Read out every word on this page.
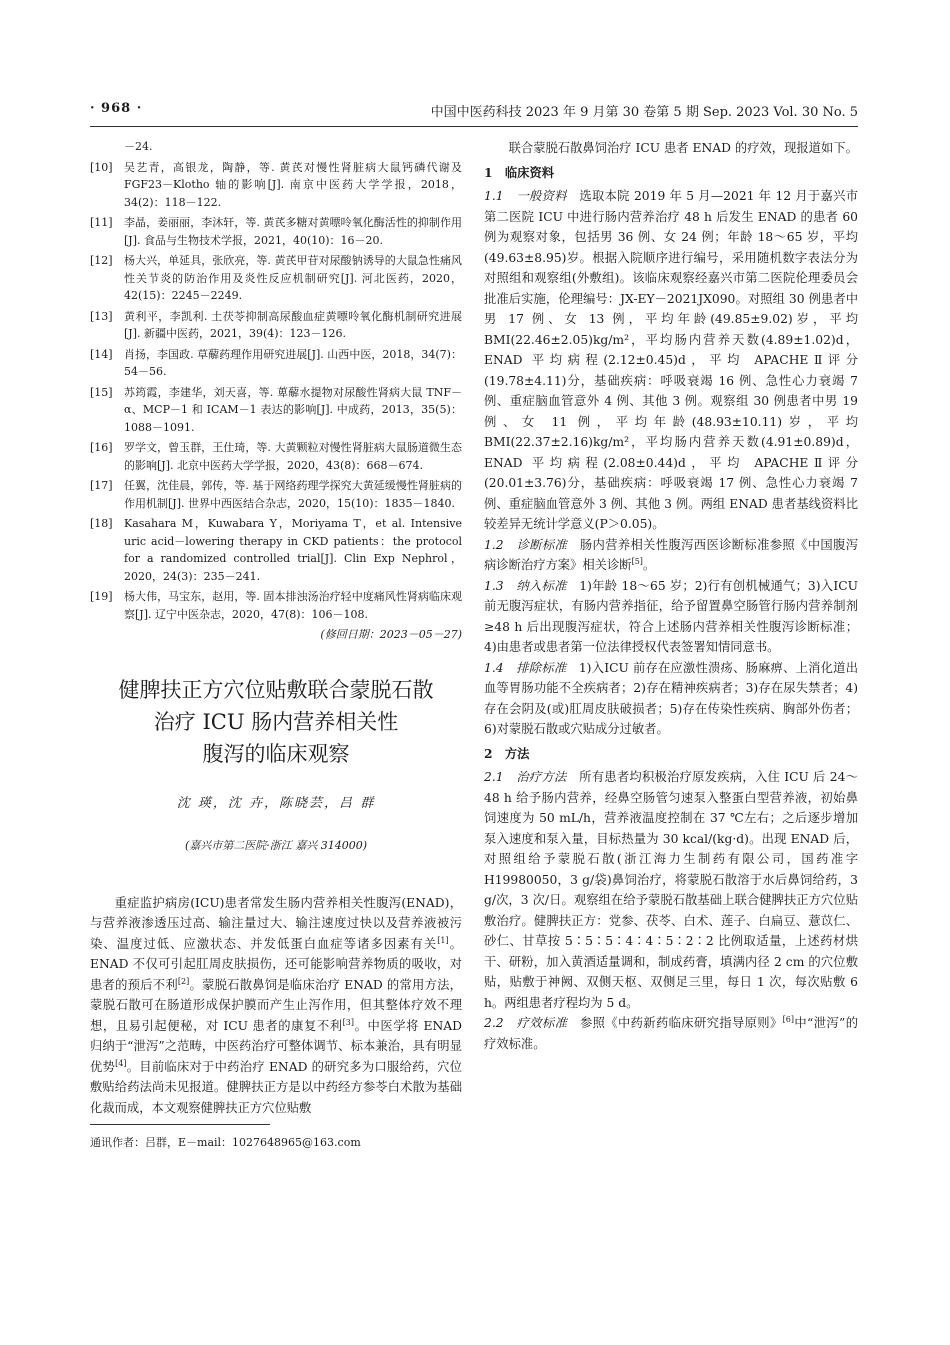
· 968 ·	中国中医药科技 2023 年 9 月第 30 卷第 5 期 Sep. 2023 Vol. 30 No. 5
－24.
[10]	吴艺青，高银龙，陶静，等. 黄芪对慢性肾脏病大鼠钙磷代谢及 FGF23－Klotho 轴的影响[J]. 南京中医药大学学报，2018，34(2)：118－122.
[11]	李晶，姜丽丽，李沐轩，等. 黄芪多糖对黄嘌呤氧化酶活性的抑制作用[J]. 食品与生物技术学报，2021，40(10)：16－20.
[12]	杨大兴，单延具，张欣亮，等. 黄芪甲苷对尿酸钠诱导的大鼠急性痛风性关节炎的防治作用及炎性反应机制研究[J]. 河北医药，2020，42(15)：2245－2249.
[13]	黄利平，李凯利. 土茯苓抑制高尿酸血症黄嘌呤氧化酶机制研究进展[J]. 新疆中医药，2021，39(4)：123－126.
[14]	肖扬，李国政. 草薢药理作用研究进展[J]. 山西中医，2018，34(7)：54－56.
[15]	苏筠霞，李建华，刘天喜，等. 萆薢水提物对尿酸性肾病大鼠 TNF－α、MCP－1 和 ICAM－1 表达的影响[J]. 中成药，2013，35(5)：1088－1091.
[16]	罗学文，曾玉群，王仕琦，等. 大黄颗粒对慢性肾脏病大鼠肠道微生态的影响[J]. 北京中医药大学学报，2020，43(8)：668－674.
[17]	任翼，沈佳晨，郭传，等. 基于网络药理学探究大黄延缓慢性肾脏病的作用机制[J]. 世界中西医结合杂志，2020，15(10)：1835－1840.
[18]	Kasahara M，Kuwabara Y，Moriyama T，et al. Intensive uric acid－lowering therapy in CKD patients：the protocol for a randomized controlled trial[J]. Clin Exp Nephrol，2020，24(3)：235－241.
[19]	杨大伟，马宝东，赵用，等. 固本排浊汤治疗轻中度痛风性肾病临床观察[J]. 辽宁中医杂志，2020，47(8)：106－108.
(修回日期：2023－05－27)
健脾扶正方穴位贴敷联合蒙脱石散
治疗 ICU 肠内营养相关性
腹泻的临床观察
沈 瑛，沈 卉，陈晓芸，吕 群
(嘉兴市第二医院·浙江 嘉兴 314000)

重症监护病房(ICU)患者常发生肠内营养相关性腹泻(ENAD)，与营养液渗透压过高、输注量过大、输注速度过快以及营养液被污染、温度过低、应激状态、并发低蛋白血症等诸多因素有关[1]。ENAD 不仅可引起肛周皮肤损伤，还可能影响营养物质的吸收，对患者的预后不利[2]。蒙脱石散鼻饲是临床治疗 ENAD 的常用方法，蒙脱石散可在肠道形成保护膜而产生止泻作用，但其整体疗效不理想，且易引起便秘，对 ICU 患者的康复不利[3]。中医学将 ENAD 归纳于“泄泻”之范畴，中医药治疗可整体调节、标本兼治，具有明显优势[4]。目前临床对于中药治疗 ENAD 的研究多为口服给药，穴位敷贴给药法尚未见报道。健脾扶正方是以中药经方参苓白术散为基础化裁而成，本文观察健脾扶正方穴位贴敷

通讯作者：吕群，E－mail：1027648965@163.com

联合蒙脱石散鼻饲治疗 ICU 患者 ENAD 的疗效，现报道如下。

1　临床资料

1.1　一般资料　选取本院 2019 年 5 月—2021 年 12 月于嘉兴市第二医院 ICU 中进行肠内营养治疗 48 h 后发生 ENAD 的患者 60 例为观察对象，包括男 36 例、女 24 例；年龄 18～65 岁，平均(49.63±8.95)岁。根据入院顺序进行编号，采用随机数字表法分为对照组和观察组(外敷组)。该临床观察经嘉兴市第二医院伦理委员会批准后实施，伦理编号：JX-EY－2021JX090。对照组 30 例患者中男 17 例、女 13 例，平均年龄(49.85±9.02)岁，平均 BMI(22.46±2.05)kg/m²，平均肠内营养天数(4.89±1.02)d，ENAD 平均病程(2.12±0.45)d，平均 APACHEⅡ评分(19.78±4.11)分，基础疾病：呼吸衰竭 16 例、急性心力衰竭 7 例、重症脑血管意外 4 例、其他 3 例。观察组 30 例患者中男 19 例、女 11 例，平均年龄(48.93±10.11)岁，平均 BMI(22.37±2.16)kg/m²，平均肠内营养天数(4.91±0.89)d，ENAD 平均病程(2.08±0.44)d，平均 APACHEⅡ评分(20.01±3.76)分，基础疾病：呼吸衰竭 17 例、急性心力衰竭 7 例、重症脑血管意外 3 例、其他 3 例。两组 ENAD 患者基线资料比较差异无统计学意义(P＞0.05)。

1.2　诊断标准　肠内营养相关性腹泻西医诊断标准参照《中国腹泻病诊断治疗方案》相关诊断[5]。

1.3　纳入标准　1)年龄 18～65 岁；2)行有创机械通气；3)入ICU 前无腹泻症状，有肠内营养指征，给予留置鼻空肠管行肠内营养制剂≥48 h 后出现腹泻症状，符合上述肠内营养相关性腹泻诊断标准；4)由患者或患者第一位法律授权代表签署知情同意书。

1.4　排除标准　1)入ICU 前存在应激性溃疡、肠麻痹、上消化道出血等胃肠功能不全疾病者；2)存在精神疾病者；3)存在尿失禁者；4)存在会阴及(或)肛周皮肤破损者；5)存在传染性疾病、胸部外伤者；6)对蒙脱石散或穴贴成分过敏者。

2　方法

2.1　治疗方法　所有患者均积极治疗原发疾病，入住 ICU 后 24～48 h 给予肠内营养，经鼻空肠管匀速泵入整蛋白型营养液，初始鼻饲速度为 50 mL/h，营养液温度控制在 37 ℃左右；之后逐步增加泵入速度和泵入量，目标热量为 30 kcal/(kg·d)。出现 ENAD 后，对照组给予蒙脱石散(浙江海力生制药有限公司，国药准字 H19980050，3 g/袋)鼻饲治疗，将蒙脱石散溶于水后鼻饲给药，3 g/次，3 次/日。观察组在给予蒙脱石散基础上联合健脾扶正方穴位贴敷治疗。健脾扶正方：党参、茯苓、白术、莲子、白扁豆、薏苡仁、砂仁、甘草按 5∶5∶5∶4∶4∶5∶2∶2 比例取适量，上述药材烘干、研粉，加入黄酒适量调和，制成药膏，填满内径 2 cm 的穴位敷贴，贴敷于神阙、双侧天枢、双侧足三里，每日 1 次，每次贴敷 6 h。两组患者疗程均为 5 d。

2.2　疗效标准　参照《中药新药临床研究指导原则》[6]中“泄泻”的疗效标准。
